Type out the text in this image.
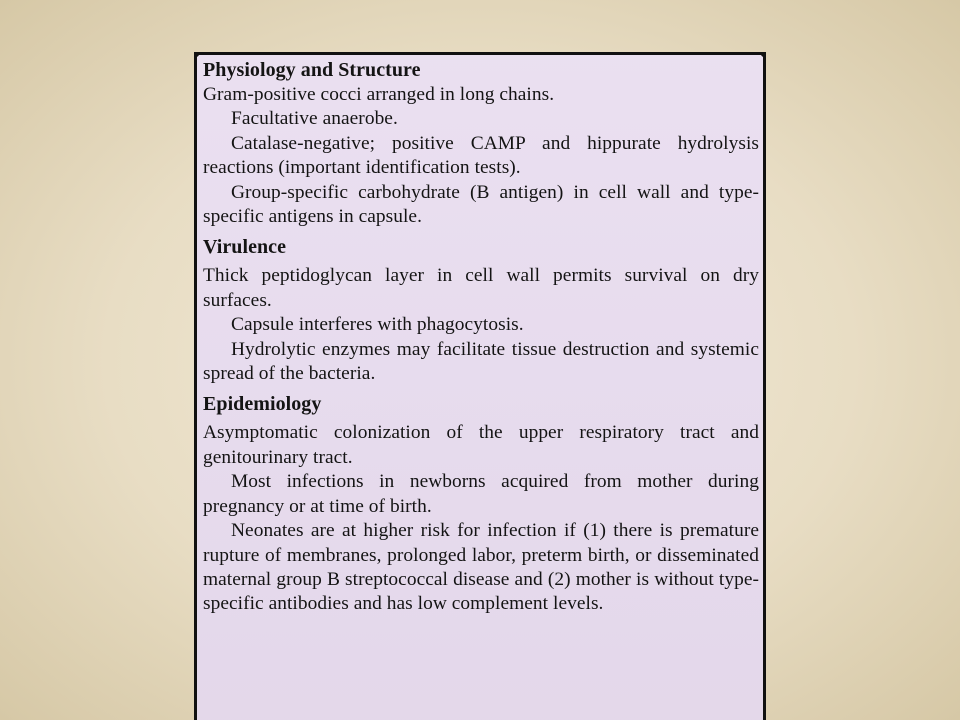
Physiology and Structure

Gram-positive cocci arranged in long chains.

Facultative anaerobe.

Catalase-negative; positive CAMP and hippurate hydrolysis reactions (important identification tests).

Group-specific carbohydrate (B antigen) in cell wall and type-specific antigens in capsule.

Virulence

Thick peptidoglycan layer in cell wall permits survival on dry surfaces.

Capsule interferes with phagocytosis.

Hydrolytic enzymes may facilitate tissue destruction and systemic spread of the bacteria.

Epidemiology

Asymptomatic colonization of the upper respiratory tract and genitourinary tract.

Most infections in newborns acquired from mother during pregnancy or at time of birth.

Neonates are at higher risk for infection if (1) there is premature rupture of membranes, prolonged labor, preterm birth, or disseminated maternal group B streptococcal disease and (2) mother is without type-specific antibodies and has low complement levels.
